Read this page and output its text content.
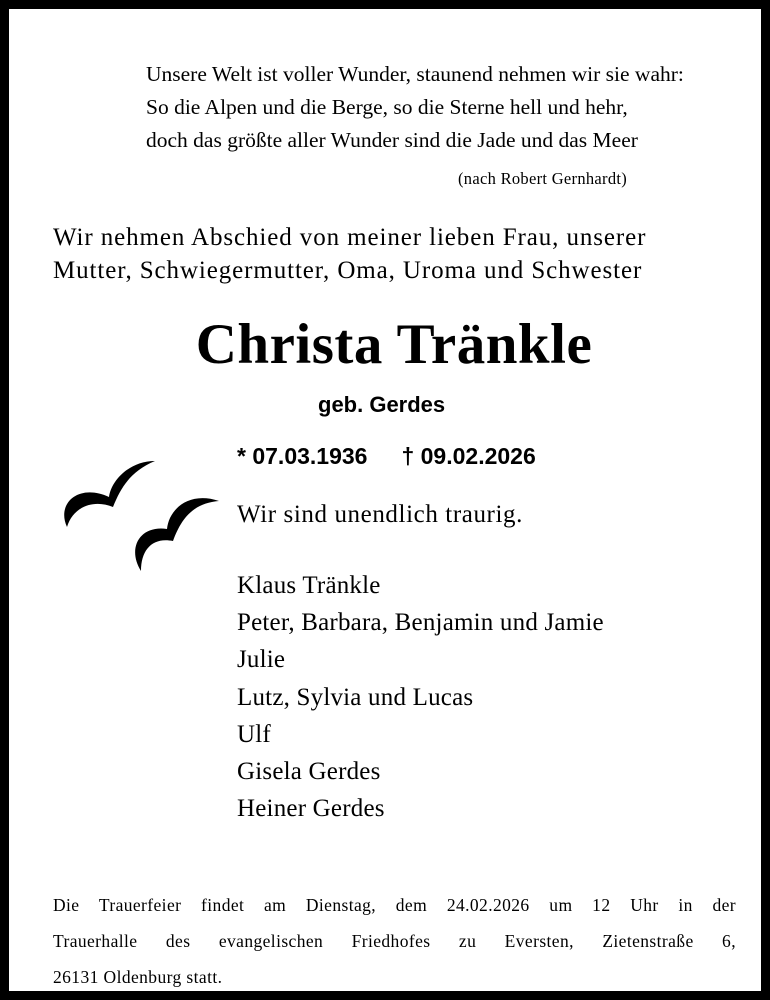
Unsere Welt ist voller Wunder, staunend nehmen wir sie wahr:
So die Alpen und die Berge, so die Sterne hell und hehr,
doch das größte aller Wunder sind die Jade und das Meer
(nach Robert Gernhardt)
Wir nehmen Abschied von meiner lieben Frau, unserer
Mutter, Schwiegermutter, Oma, Uroma und Schwester
Christa Tränkle
geb. Gerdes
* 07.03.1936 † 09.02.2026
Wir sind unendlich traurig.
Klaus Tränkle
Peter, Barbara, Benjamin und Jamie
Julie
Lutz, Sylvia und Lucas
Ulf
Gisela Gerdes
Heiner Gerdes
Die Trauerfeier findet am Dienstag, dem 24.02.2026 um 12 Uhr in der
Trauerhalle des evangelischen Friedhofes zu Eversten, Zietenstraße 6,
26131 Oldenburg statt.
